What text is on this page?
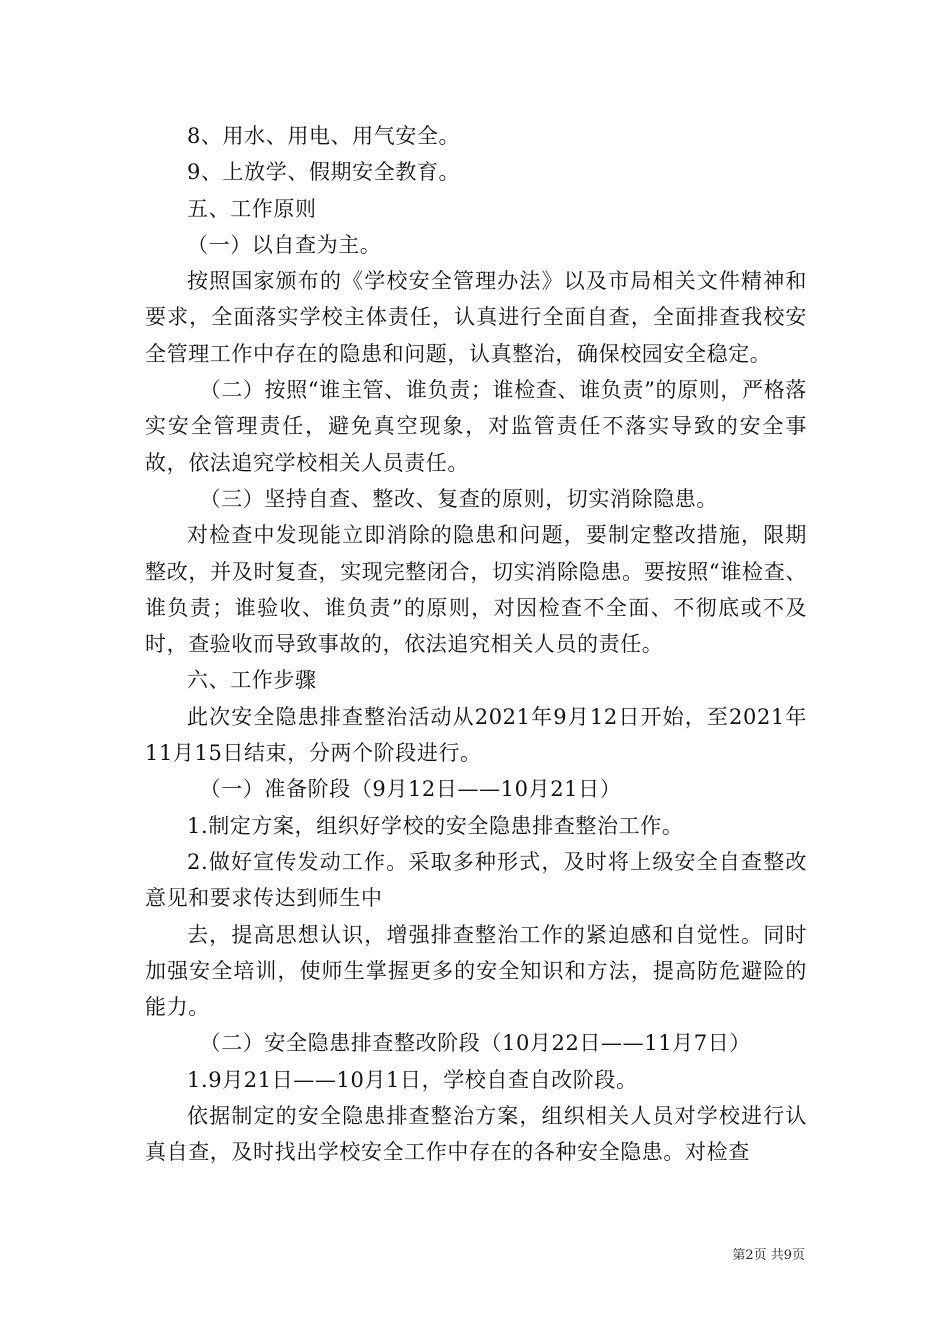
8、用水、用电、用气安全。

9、上放学、假期安全教育。

五、工作原则

（一）以自查为主。

按照国家颁布的《学校安全管理办法》以及市局相关文件精神和要求，全面落实学校主体责任，认真进行全面自查，全面排查我校安全管理工作中存在的隐患和问题，认真整治，确保校园安全稳定。

（二）按照“谁主管、谁负责；谁检查、谁负责”的原则，严格落实安全管理责任，避免真空现象，对监管责任不落实导致的安全事故，依法追究学校相关人员责任。

（三）坚持自查、整改、复查的原则，切实消除隐患。

对检查中发现能立即消除的隐患和问题，要制定整改措施，限期整改，并及时复查，实现完整闭合，切实消除隐患。要按照“谁检查、谁负责；谁验收、谁负责”的原则，对因检查不全面、不彻底或不及时，查验收而导致事故的，依法追究相关人员的责任。

六、工作步骤

此次安全隐患排查整治活动从2021年9月12日开始，至2021年11月15日结束，分两个阶段进行。

（一）准备阶段（9月12日——10月21日）

1.制定方案，组织好学校的安全隐患排查整治工作。

2.做好宣传发动工作。采取多种形式，及时将上级安全自查整改意见和要求传达到师生中

去，提高思想认识，增强排查整治工作的紧迫感和自觉性。同时加强安全培训，使师生掌握更多的安全知识和方法，提高防危避险的能力。

（二）安全隐患排查整改阶段（10月22日——11月7日）

1.9月21日——10月1日，学校自查自改阶段。

依据制定的安全隐患排查整治方案，组织相关人员对学校进行认真自查，及时找出学校安全工作中存在的各种安全隐患。对检查

第2页 共9页
